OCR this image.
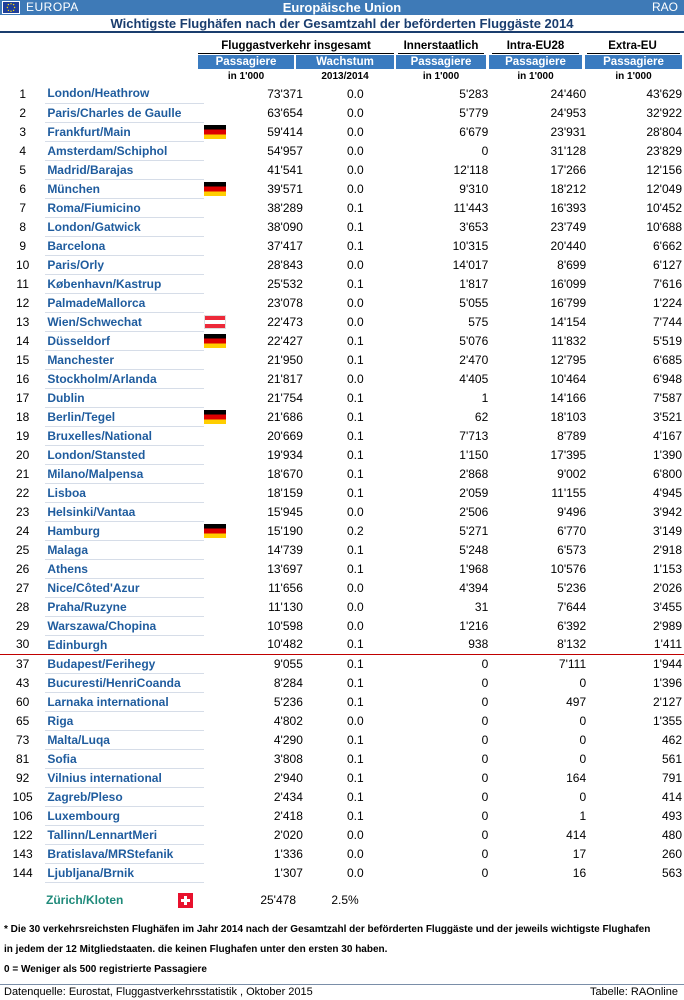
EUROPA	Europäische Union	RAO
Wichtigste Flughäfen nach der Gesamtzahl der beförderten Fluggäste 2014
Fluggastverkehr insgesamt	Innerstaatlich	Intra-EU28	Extra-EU
Passagiere	Wachstum	Passagiere	Passagiere	Passagiere
in 1'000	2013/2014	in 1'000	in 1'000	in 1'000
1	London/Heathrow		73'371	0.0	5'283	24'460	43'629
2	Paris/Charles de Gaulle		63'654	0.0	5'779	24'953	32'922
3	Frankfurt/Main		59'414	0.0	6'679	23'931	28'804
4	Amsterdam/Schiphol		54'957	0.0	0	31'128	23'829
5	Madrid/Barajas		41'541	0.0	12'118	17'266	12'156
6	München		39'571	0.0	9'310	18'212	12'049
7	Roma/Fiumicino		38'289	0.1	11'443	16'393	10'452
8	London/Gatwick		38'090	0.1	3'653	23'749	10'688
9	Barcelona		37'417	0.1	10'315	20'440	6'662
10	Paris/Orly		28'843	0.0	14'017	8'699	6'127
11	København/Kastrup		25'532	0.1	1'817	16'099	7'616
12	PalmadeMallorca		23'078	0.0	5'055	16'799	1'224
13	Wien/Schwechat		22'473	0.0	575	14'154	7'744
14	Düsseldorf		22'427	0.1	5'076	11'832	5'519
15	Manchester		21'950	0.1	2'470	12'795	6'685
16	Stockholm/Arlanda		21'817	0.0	4'405	10'464	6'948
17	Dublin		21'754	0.1	1	14'166	7'587
18	Berlin/Tegel		21'686	0.1	62	18'103	3'521
19	Bruxelles/National		20'669	0.1	7'713	8'789	4'167
20	London/Stansted		19'934	0.1	1'150	17'395	1'390
21	Milano/Malpensa		18'670	0.1	2'868	9'002	6'800
22	Lisboa		18'159	0.1	2'059	11'155	4'945
23	Helsinki/Vantaa		15'945	0.0	2'506	9'496	3'942
24	Hamburg		15'190	0.2	5'271	6'770	3'149
25	Malaga		14'739	0.1	5'248	6'573	2'918
26	Athens		13'697	0.1	1'968	10'576	1'153
27	Nice/Côted'Azur		11'656	0.0	4'394	5'236	2'026
28	Praha/Ruzyne		11'130	0.0	31	7'644	3'455
29	Warszawa/Chopina		10'598	0.0	1'216	6'392	2'989
30	Edinburgh		10'482	0.1	938	8'132	1'411
37	Budapest/Ferihegy		9'055	0.1	0	7'111	1'944
43	Bucuresti/HenriCoanda		8'284	0.1	0	0	1'396
60	Larnaka international		5'236	0.1	0	497	2'127
65	Riga		4'802	0.0	0	0	1'355
73	Malta/Luqa		4'290	0.1	0	0	462
81	Sofia		3'808	0.1	0	0	561
92	Vilnius international		2'940	0.1	0	164	791
105	Zagreb/Pleso		2'434	0.1	0	0	414
106	Luxembourg		2'418	0.1	0	1	493
122	Tallinn/LennartMeri		2'020	0.0	0	414	480
143	Bratislava/MRStefanik		1'336	0.0	0	17	260
144	Ljubljana/Brnik		1'307	0.0	0	16	563
Zürich/Kloten	25'478	2.5%
* Die 30 verkehrsreichsten Flughäfen im Jahr 2014 nach der Gesamtzahl der beförderten Fluggäste und der jeweils wichtigste Flughafen
in jedem der 12 Mitgliedstaaten. die keinen Flughafen unter den ersten 30 haben.
0 = Weniger als 500 registrierte Passagiere
Datenquelle: Eurostat, Fluggastverkehrsstatistik , Oktober 2015	Tabelle: RAOnline
